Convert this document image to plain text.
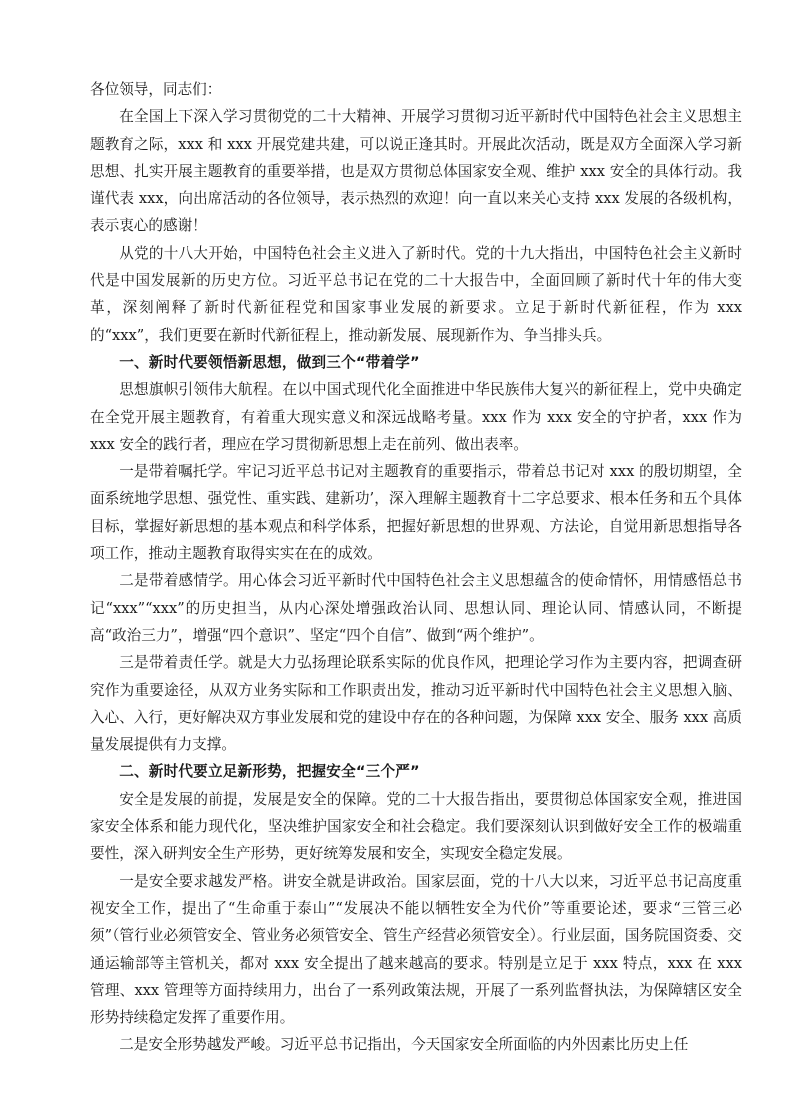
各位领导，同志们：

在全国上下深入学习贯彻党的二十大精神、开展学习贯彻习近平新时代中国特色社会主义思想主题教育之际，xxx 和 xxx 开展党建共建，可以说正逢其时。开展此次活动，既是双方全面深入学习新思想、扎实开展主题教育的重要举措，也是双方贯彻总体国家安全观、维护 xxx 安全的具体行动。我谨代表 xxx，向出席活动的各位领导，表示热烈的欢迎！向一直以来关心支持 xxx 发展的各级机构，表示衷心的感谢！

从党的十八大开始，中国特色社会主义进入了新时代。党的十九大指出，中国特色社会主义新时代是中国发展新的历史方位。习近平总书记在党的二十大报告中，全面回顾了新时代十年的伟大变革，深刻阐释了新时代新征程党和国家事业发展的新要求。立足于新时代新征程，作为 xxx 的“xxx”，我们更要在新时代新征程上，推动新发展、展现新作为、争当排头兵。

一、新时代要领悟新思想，做到三个“带着学”

思想旗帜引领伟大航程。在以中国式现代化全面推进中华民族伟大复兴的新征程上，党中央确定在全党开展主题教育，有着重大现实意义和深远战略考量。xxx 作为 xxx 安全的守护者，xxx 作为 xxx 安全的践行者，理应在学习贯彻新思想上走在前列、做出表率。

一是带着嘱托学。牢记习近平总书记对主题教育的重要指示，带着总书记对 xxx 的殷切期望，全面系统地学思想、强党性、重实践、建新功’，深入理解主题教育十二字总要求、根本任务和五个具体目标，掌握好新思想的基本观点和科学体系，把握好新思想的世界观、方法论，自觉用新思想指导各项工作，推动主题教育取得实实在在的成效。

二是带着感情学。用心体会习近平新时代中国特色社会主义思想蕴含的使命情怀，用情感悟总书记“xxx”“xxx”的历史担当，从内心深处增强政治认同、思想认同、理论认同、情感认同，不断提高“政治三力”，增强“四个意识”、坚定“四个自信”、做到“两个维护”。

三是带着责任学。就是大力弘扬理论联系实际的优良作风，把理论学习作为主要内容，把调查研究作为重要途径，从双方业务实际和工作职责出发，推动习近平新时代中国特色社会主义思想入脑、入心、入行，更好解决双方事业发展和党的建设中存在的各种问题，为保障 xxx 安全、服务 xxx 高质量发展提供有力支撑。

二、新时代要立足新形势，把握安全“三个严”

安全是发展的前提，发展是安全的保障。党的二十大报告指出，要贯彻总体国家安全观，推进国家安全体系和能力现代化，坚决维护国家安全和社会稳定。我们要深刻认识到做好安全工作的极端重要性，深入研判安全生产形势，更好统筹发展和安全，实现安全稳定发展。

一是安全要求越发严格。讲安全就是讲政治。国家层面，党的十八大以来，习近平总书记高度重视安全工作，提出了“生命重于泰山”“发展决不能以牺牲安全为代价”等重要论述，要求“三管三必须”（管行业必须管安全、管业务必须管安全、管生产经营必须管安全）。行业层面，国务院国资委、交通运输部等主管机关，都对 xxx 安全提出了越来越高的要求。特别是立足于 xxx 特点，xxx 在 xxx 管理、xxx 管理等方面持续用力，出台了一系列政策法规，开展了一系列监督执法，为保障辖区安全形势持续稳定发挥了重要作用。

二是安全形势越发严峻。习近平总书记指出，今天国家安全所面临的内外因素比历史上任
